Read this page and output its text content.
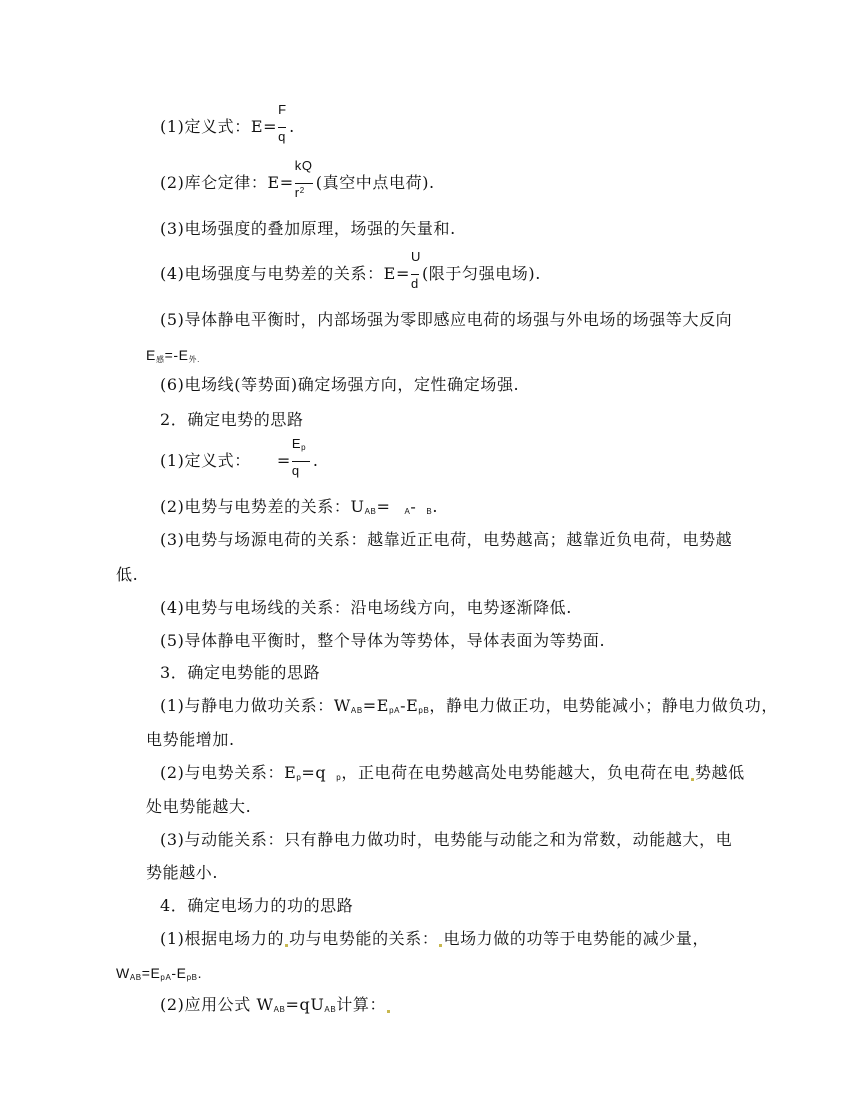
(1)定义式：$E= \frac{F}{q}$ .
(2)库仑定律：$E= \frac{kQ}{r^2}$ (真空中点电荷).
(3)电场强度的叠加原理，场强的矢量和.
(4)电场强度与电势差的关系：$E= \frac{U}{d}$ (限于匀强电场).
(5)导体静电平衡时，内部场强为零即感应电荷的场强与外电场的场强等大反向
$E_感=-E_{外.}$
(6)电场线(等势面)确定场强方向，定性确定场强.
2．确定电势的思路
(1)定义式： = $\frac{E_p}{q}$ .
(2)电势与电势差的关系：$U_{AB}= _A-$ $_B$.
(3)电势与场源电荷的关系：越靠近正电荷，电势越高；越靠近负电荷，电势越
低.
(4)电势与电场线的关系：沿电场线方向，电势逐渐降低.
(5)导体静电平衡时，整个导体为等势体，导体表面为等势面.
3．确定电势能的思路
(1)与静电力做功关系：$W_{AB}=E_{pA}-E_{pB}$，静电力做正功，电势能减小；静电力做负功，
电势能增加.
(2)与电势关系：$E_p=q$ $_p$，正电荷在电势越高处电势能越大，负电荷在电 势越低
处电势能越大.
(3)与动能关系：只有静电力做功时，电势能与动能之和为常数，动能越大，电
势能越小.
4．确定电场力的功的思路
(1)根据电场力的 功与电势能的关系： 电场力做的功等于电势能的减少量，
$W_{AB}=E_{pA}-E_{pB}$.
(2)应用公式 $W_{AB}=qU_{AB}$计算：
